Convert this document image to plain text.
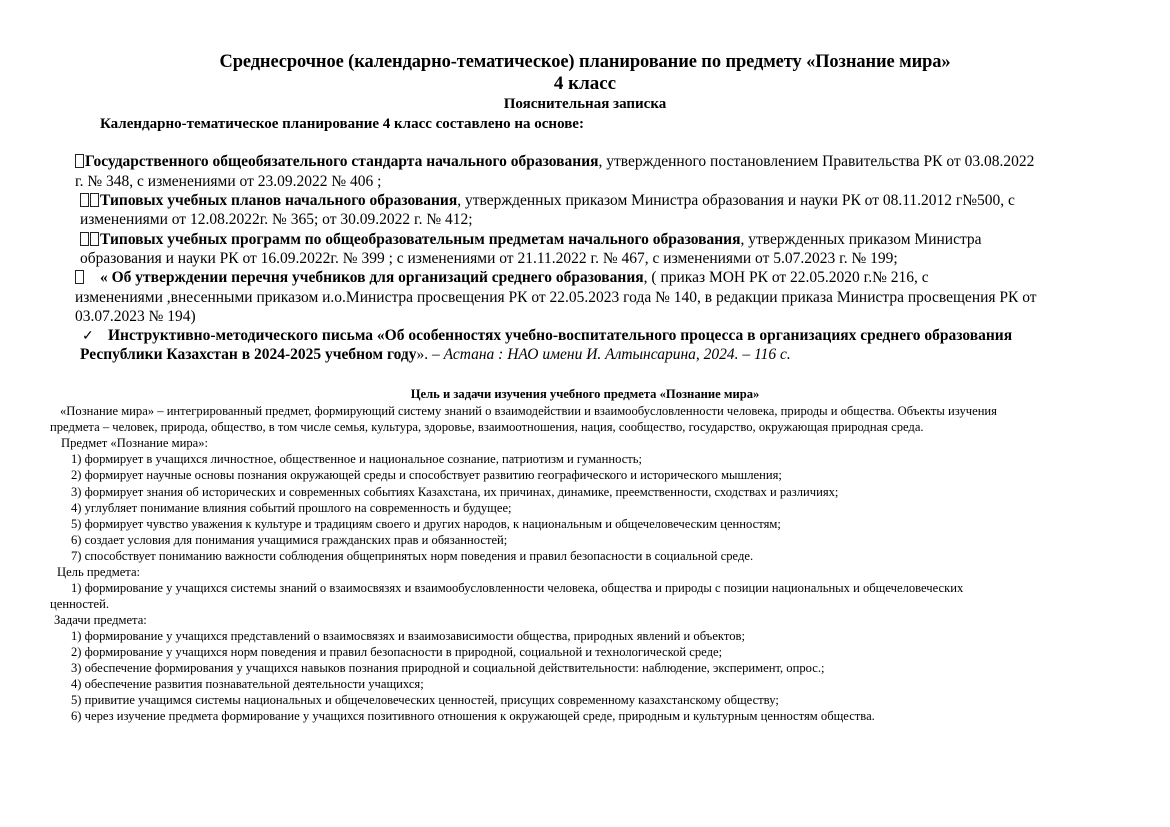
Среднесрочное (календарно-тематическое) планирование по предмету «Познание мира»
4 класс
Пояснительная записка
Календарно-тематическое планирование 4 класс составлено на основе:
Государственного общеобязательного стандарта начального образования, утвержденного постановлением Правительства РК от 03.08.2022
г. № 348, с изменениями от 23.09.2022 № 406 ;
Типовых учебных планов начального образования, утвержденных приказом Министра образования и науки РК от 08.11.2012 г№500, с
изменениями от 12.08.2022г. № 365; от 30.09.2022 г. № 412;
Типовых учебных программ по общеобразовательным предметам начального образования, утвержденных приказом Министра
образования и науки РК от 16.09.2022г. № 399 ; с изменениями от 21.11.2022 г. № 467, с изменениями от 5.07.2023 г. № 199;
« Об утверждении перечня учебников для организаций среднего образования, ( приказ МОН РК от 22.05.2020 г.№ 216, с
изменениями ,внесенными приказом и.о.Министра просвещения РК от 22.05.2023 года № 140, в редакции приказа Министра просвещения РК от
03.07.2023 № 194)
✓ Инструктивно-методического письма «Об особенностях учебно-воспитательного процесса в организациях среднего образования
Республики Казахстан в 2024-2025 учебном году». – Астана : НАО имени И. Алтынсарина, 2024. – 116 с.
Цель и задачи изучения учебного предмета «Познание мира»
«Познание мира» – интегрированный предмет, формирующий систему знаний о взаимодействии и взаимообусловленности человека, природы и общества. Объекты изучения
предмета – человек, природа, общество, в том числе семья, культура, здоровье, взаимоотношения, нация, сообщество, государство, окружающая природная среда.
Предмет «Познание мира»:
1) формирует в учащихся личностное, общественное и национальное сознание, патриотизм и гуманность;
2) формирует научные основы познания окружающей среды и способствует развитию географического и исторического мышления;
3) формирует знания об исторических и современных событиях Казахстана, их причинах, динамике, преемственности, сходствах и различиях;
4) углубляет понимание влияния событий прошлого на современность и будущее;
5) формирует чувство уважения к культуре и традициям своего и других народов, к национальным и общечеловеческим ценностям;
6) создает условия для понимания учащимися гражданских прав и обязанностей;
7) способствует пониманию важности соблюдения общепринятых норм поведения и правил безопасности в социальной среде.
Цель предмета:
1) формирование у учащихся системы знаний о взаимосвязях и взаимообусловленности человека, общества и природы с позиции национальных и общечеловеческих
ценностей.
Задачи предмета:
1) формирование у учащихся представлений о взаимосвязях и взаимозависимости общества, природных явлений и объектов;
2) формирование у учащихся норм поведения и правил безопасности в природной, социальной и технологической среде;
3) обеспечение формирования у учащихся навыков познания природной и социальной действительности: наблюдение, эксперимент, опрос.;
4) обеспечение развития познавательной деятельности учащихся;
5) привитие учащимся системы национальных и общечеловеческих ценностей, присущих современному казахстанскому обществу;
6) через изучение предмета формирование у учащихся позитивного отношения к окружающей среде, природным и культурным ценностям общества.
